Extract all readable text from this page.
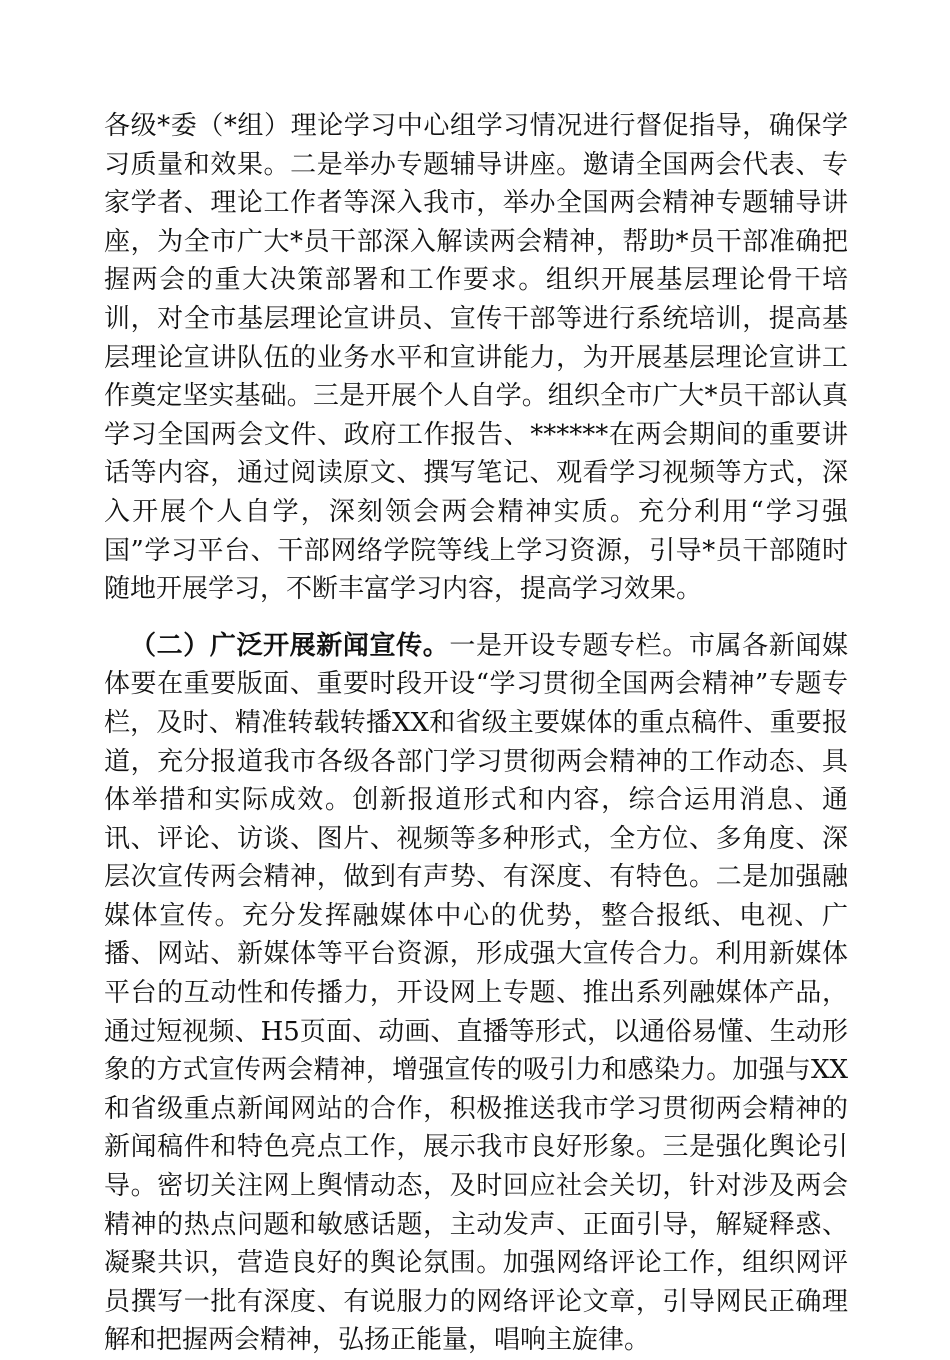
各级*委（*组）理论学习中心组学习情况进行督促指导，确保学习质量和效果。二是举办专题辅导讲座。邀请全国两会代表、专家学者、理论工作者等深入我市，举办全国两会精神专题辅导讲座，为全市广大*员干部深入解读两会精神，帮助*员干部准确把握两会的重大决策部署和工作要求。组织开展基层理论骨干培训，对全市基层理论宣讲员、宣传干部等进行系统培训，提高基层理论宣讲队伍的业务水平和宣讲能力，为开展基层理论宣讲工作奠定坚实基础。三是开展个人自学。组织全市广大*员干部认真学习全国两会文件、政府工作报告、******在两会期间的重要讲话等内容，通过阅读原文、撰写笔记、观看学习视频等方式，深入开展个人自学，深刻领会两会精神实质。充分利用“学习强国”学习平台、干部网络学院等线上学习资源，引导*员干部随时随地开展学习，不断丰富学习内容，提高学习效果。

（二）广泛开展新闻宣传。一是开设专题专栏。市属各新闻媒体要在重要版面、重要时段开设“学习贯彻全国两会精神”专题专栏，及时、精准转载转播XX和省级主要媒体的重点稿件、重要报道，充分报道我市各级各部门学习贯彻两会精神的工作动态、具体举措和实际成效。创新报道形式和内容，综合运用消息、通讯、评论、访谈、图片、视频等多种形式，全方位、多角度、深层次宣传两会精神，做到有声势、有深度、有特色。二是加强融媒体宣传。充分发挥融媒体中心的优势，整合报纸、电视、广播、网站、新媒体等平台资源，形成强大宣传合力。利用新媒体平台的互动性和传播力，开设网上专题、推出系列融媒体产品，通过短视频、H5页面、动画、直播等形式，以通俗易懂、生动形象的方式宣传两会精神，增强宣传的吸引力和感染力。加强与XX和省级重点新闻网站的合作，积极推送我市学习贯彻两会精神的新闻稿件和特色亮点工作，展示我市良好形象。三是强化舆论引导。密切关注网上舆情动态，及时回应社会关切，针对涉及两会精神的热点问题和敏感话题，主动发声、正面引导，解疑释惑、凝聚共识，营造良好的舆论氛围。加强网络评论工作，组织网评员撰写一批有深度、有说服力的网络评论文章，引导网民正确理解和把握两会精神，弘扬正能量，唱响主旋律。
